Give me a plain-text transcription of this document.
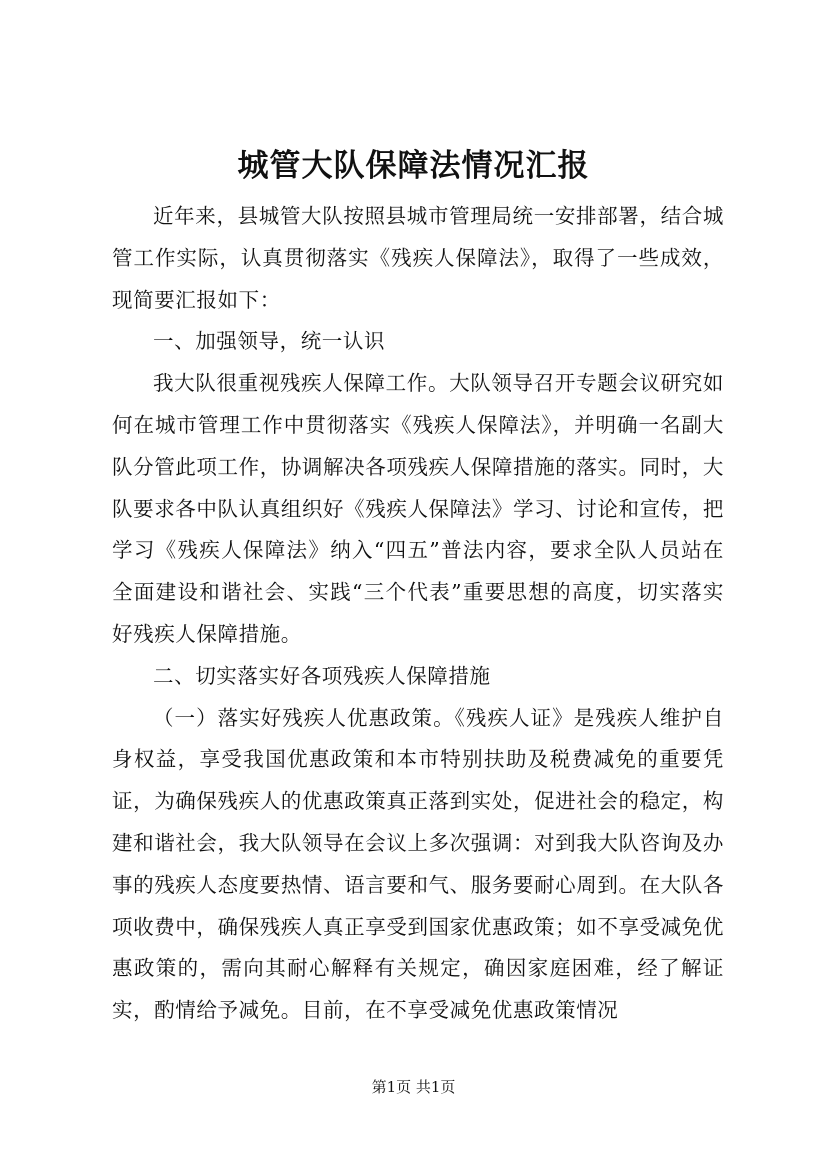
城管大队保障法情况汇报

近年来，县城管大队按照县城市管理局统一安排部署，结合城管工作实际，认真贯彻落实《残疾人保障法》，取得了一些成效，现简要汇报如下：

一、加强领导，统一认识

我大队很重视残疾人保障工作。大队领导召开专题会议研究如何在城市管理工作中贯彻落实《残疾人保障法》，并明确一名副大队分管此项工作，协调解决各项残疾人保障措施的落实。同时，大队要求各中队认真组织好《残疾人保障法》学习、讨论和宣传，把学习《残疾人保障法》纳入“四五”普法内容，要求全队人员站在全面建设和谐社会、实践“三个代表”重要思想的高度，切实落实好残疾人保障措施。

二、切实落实好各项残疾人保障措施

（一）落实好残疾人优惠政策。《残疾人证》是残疾人维护自身权益，享受我国优惠政策和本市特别扶助及税费减免的重要凭证，为确保残疾人的优惠政策真正落到实处，促进社会的稳定，构建和谐社会，我大队领导在会议上多次强调：对到我大队咨询及办事的残疾人态度要热情、语言要和气、服务要耐心周到。在大队各项收费中，确保残疾人真正享受到国家优惠政策；如不享受减免优惠政策的，需向其耐心解释有关规定，确因家庭困难，经了解证实，酌情给予减免。目前，在不享受减免优惠政策情况

第1页 共1页
